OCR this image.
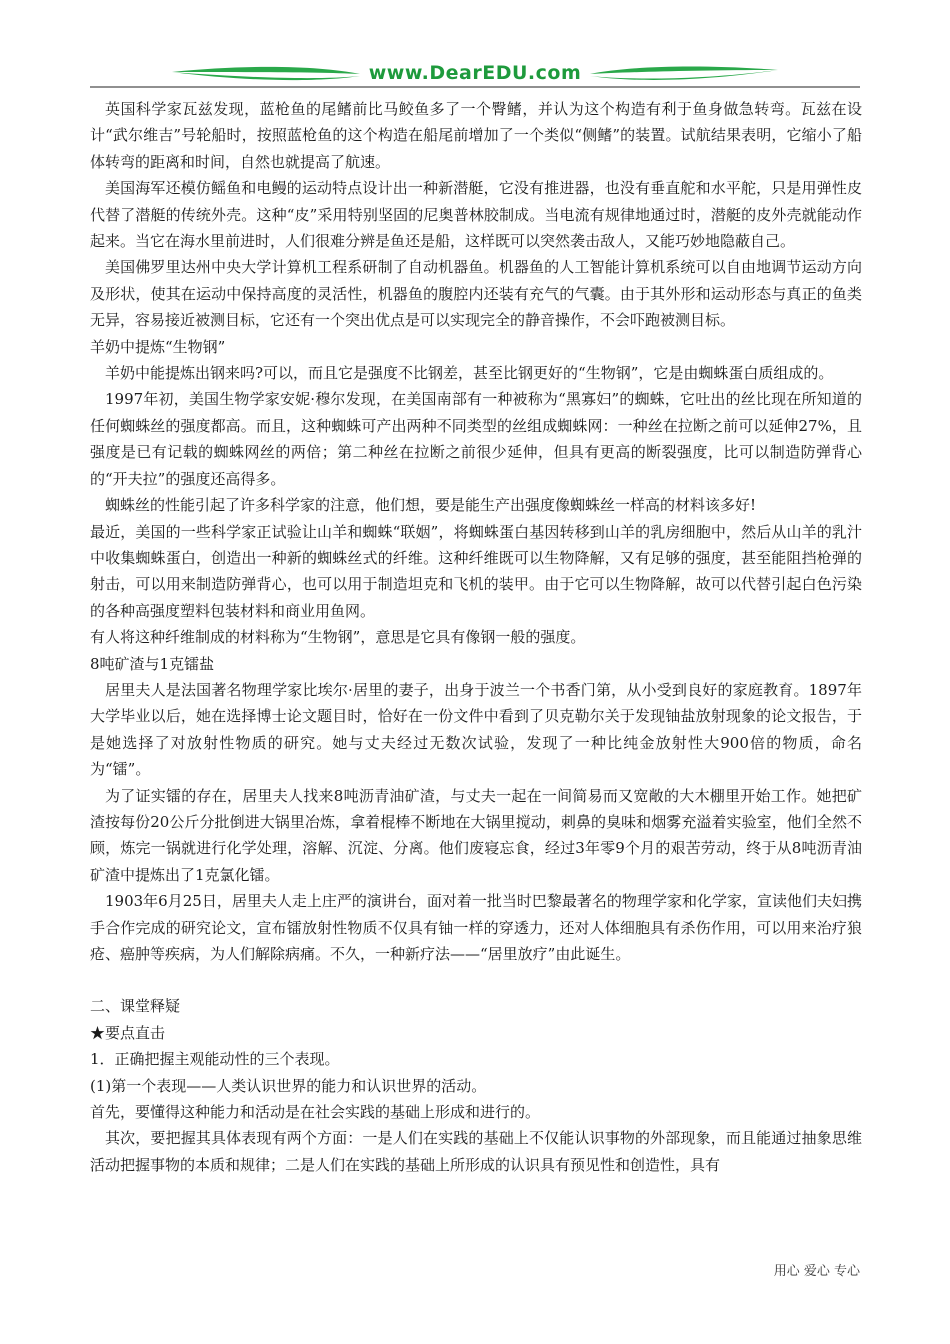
www.DearEDU.com

英国科学家瓦兹发现，蓝枪鱼的尾鳍前比马鲛鱼多了一个臀鳍，并认为这个构造有利于鱼身做急转弯。瓦兹在设计“武尔维吉”号轮船时，按照蓝枪鱼的这个构造在船尾前增加了一个类似“侧鳍”的装置。试航结果表明，它缩小了船体转弯的距离和时间，自然也就提高了航速。

美国海军还模仿鳐鱼和电鳗的运动特点设计出一种新潜艇，它没有推进器，也没有垂直舵和水平舵，只是用弹性皮代替了潜艇的传统外壳。这种“皮”采用特别坚固的尼奥普林胶制成。当电流有规律地通过时，潜艇的皮外壳就能动作起来。当它在海水里前进时，人们很难分辨是鱼还是船，这样既可以突然袭击敌人，又能巧妙地隐蔽自己。

美国佛罗里达州中央大学计算机工程系研制了自动机器鱼。机器鱼的人工智能计算机系统可以自由地调节运动方向及形状，使其在运动中保持高度的灵活性，机器鱼的腹腔内还装有充气的气囊。由于其外形和运动形态与真正的鱼类无异，容易接近被测目标，它还有一个突出优点是可以实现完全的静音操作，不会吓跑被测目标。

羊奶中提炼“生物钢”

羊奶中能提炼出钢来吗?可以，而且它是强度不比钢差，甚至比钢更好的“生物钢”，它是由蜘蛛蛋白质组成的。

1997年初，美国生物学家安妮·穆尔发现，在美国南部有一种被称为“黑寡妇”的蜘蛛，它吐出的丝比现在所知道的任何蜘蛛丝的强度都高。而且，这种蜘蛛可产出两种不同类型的丝组成蜘蛛网：一种丝在拉断之前可以延伸27%，且强度是已有记载的蜘蛛网丝的两倍；第二种丝在拉断之前很少延伸，但具有更高的断裂强度，比可以制造防弹背心的“开夫拉”的强度还高得多。

蜘蛛丝的性能引起了许多科学家的注意，他们想，要是能生产出强度像蜘蛛丝一样高的材料该多好!

最近，美国的一些科学家正试验让山羊和蜘蛛“联姻”，将蜘蛛蛋白基因转移到山羊的乳房细胞中，然后从山羊的乳汁中收集蜘蛛蛋白，创造出一种新的蜘蛛丝式的纤维。这种纤维既可以生物降解，又有足够的强度，甚至能阻挡枪弹的射击，可以用来制造防弹背心，也可以用于制造坦克和飞机的装甲。由于它可以生物降解，故可以代替引起白色污染的各种高强度塑料包装材料和商业用鱼网。

有人将这种纤维制成的材料称为“生物钢”，意思是它具有像钢一般的强度。

8吨矿渣与1克镭盐

居里夫人是法国著名物理学家比埃尔·居里的妻子，出身于波兰一个书香门第，从小受到良好的家庭教育。1897年大学毕业以后，她在选择博士论文题目时，恰好在一份文件中看到了贝克勒尔关于发现铀盐放射现象的论文报告，于是她选择了对放射性物质的研究。她与丈夫经过无数次试验，发现了一种比纯金放射性大900倍的物质，命名为“镭”。

为了证实镭的存在，居里夫人找来8吨沥青油矿渣，与丈夫一起在一间简易而又宽敞的大木棚里开始工作。她把矿渣按每份20公斤分批倒进大锅里冶炼，拿着棍棒不断地在大锅里搅动，刺鼻的臭味和烟雾充溢着实验室，他们全然不顾，炼完一锅就进行化学处理，溶解、沉淀、分离。他们废寝忘食，经过3年零9个月的艰苦劳动，终于从8吨沥青油矿渣中提炼出了1克氯化镭。

1903年6月25日，居里夫人走上庄严的演讲台，面对着一批当时巴黎最著名的物理学家和化学家，宣读他们夫妇携手合作完成的研究论文，宣布镭放射性物质不仅具有铀一样的穿透力，还对人体细胞具有杀伤作用，可以用来治疗狼疮、癌肿等疾病，为人们解除病痛。不久，一种新疗法——“居里放疗”由此诞生。

二、课堂释疑

★要点直击

1．正确把握主观能动性的三个表现。

(1)第一个表现——人类认识世界的能力和认识世界的活动。

首先，要懂得这种能力和活动是在社会实践的基础上形成和进行的。

其次，要把握其具体表现有两个方面：一是人们在实践的基础上不仅能认识事物的外部现象，而且能通过抽象思维活动把握事物的本质和规律；二是人们在实践的基础上所形成的认识具有预见性和创造性，具有

用心 爱心 专心
